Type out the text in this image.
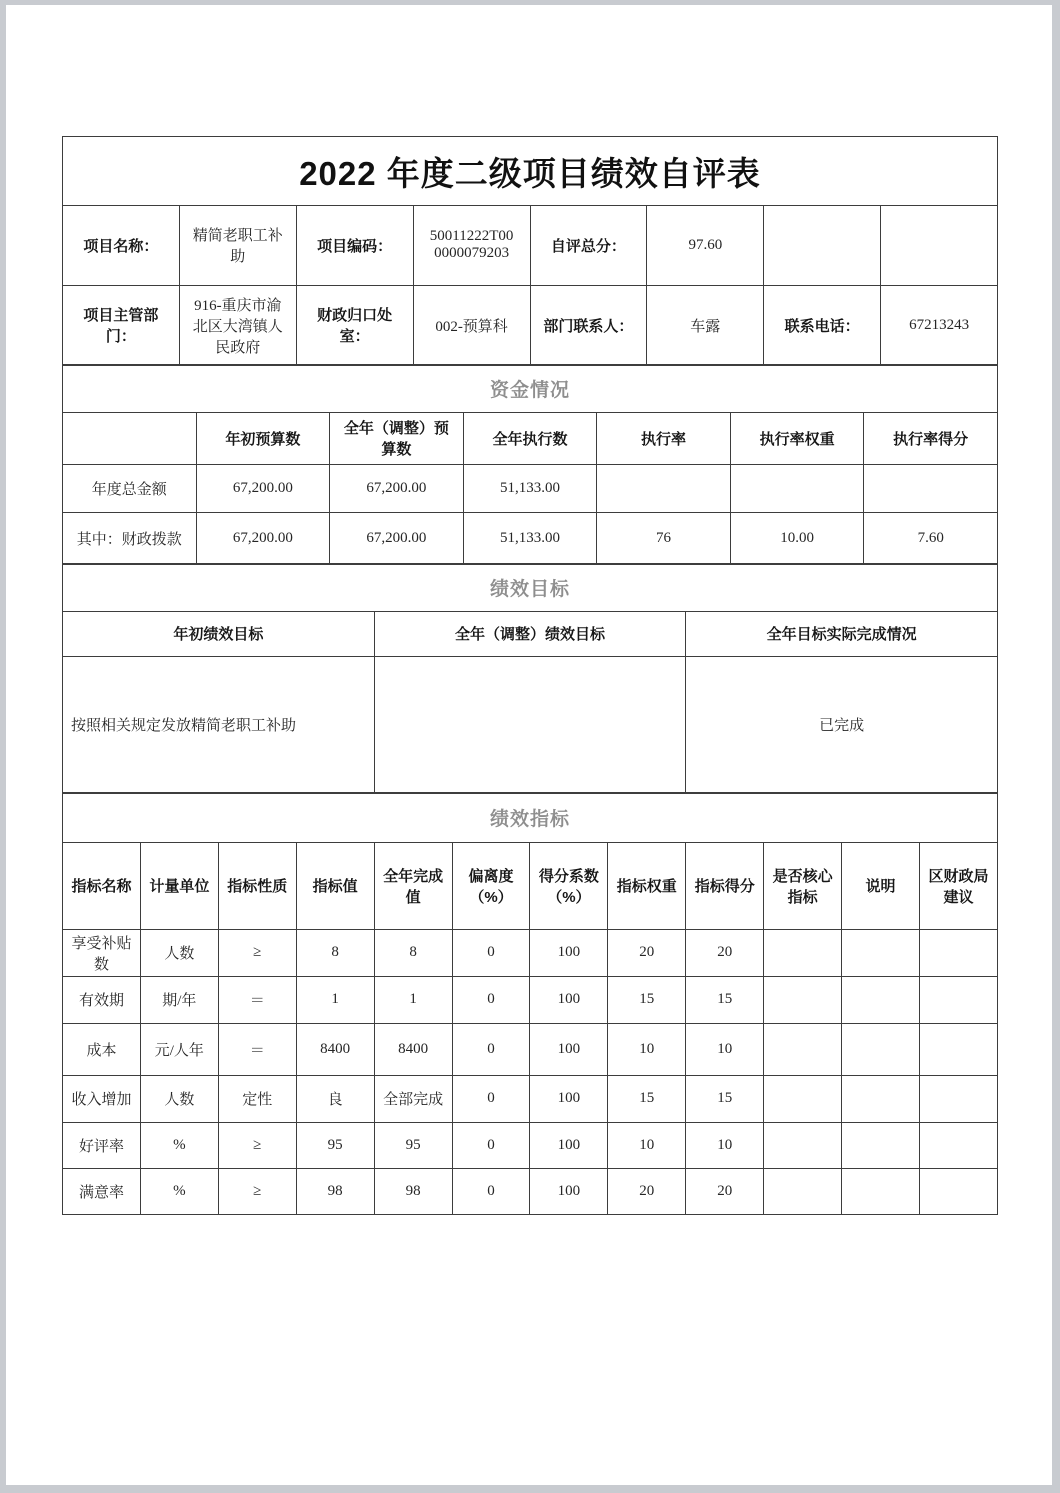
2022 年度二级项目绩效自评表
项目名称：	精简老职工补助	项目编码：	50011222T000000079203	自评总分：	97.60		
项目主管部门：	916-重庆市渝北区大湾镇人民政府	财政归口处室：	002-预算科	部门联系人：	车露	联系电话：	67213243
资金情况
	年初预算数	全年（调整）预算数	全年执行数	执行率	执行率权重	执行率得分
年度总金额	67,200.00	67,200.00	51,133.00			
其中：财政拨款	67,200.00	67,200.00	51,133.00	76	10.00	7.60
绩效目标
年初绩效目标	全年（调整）绩效目标	全年目标实际完成情况
按照相关规定发放精简老职工补助		已完成
绩效指标
指标名称	计量单位	指标性质	指标值	全年完成值	偏离度（%）	得分系数（%）	指标权重	指标得分	是否核心指标	说明	区财政局建议
享受补贴数	人数	≥	8	8	0	100	20	20			
有效期	期/年	＝	1	1	0	100	15	15			
成本	元/人年	＝	8400	8400	0	100	10	10			
收入增加	人数	定性	良	全部完成	0	100	15	15			
好评率	%	≥	95	95	0	100	10	10			
满意率	%	≥	98	98	0	100	20	20			
